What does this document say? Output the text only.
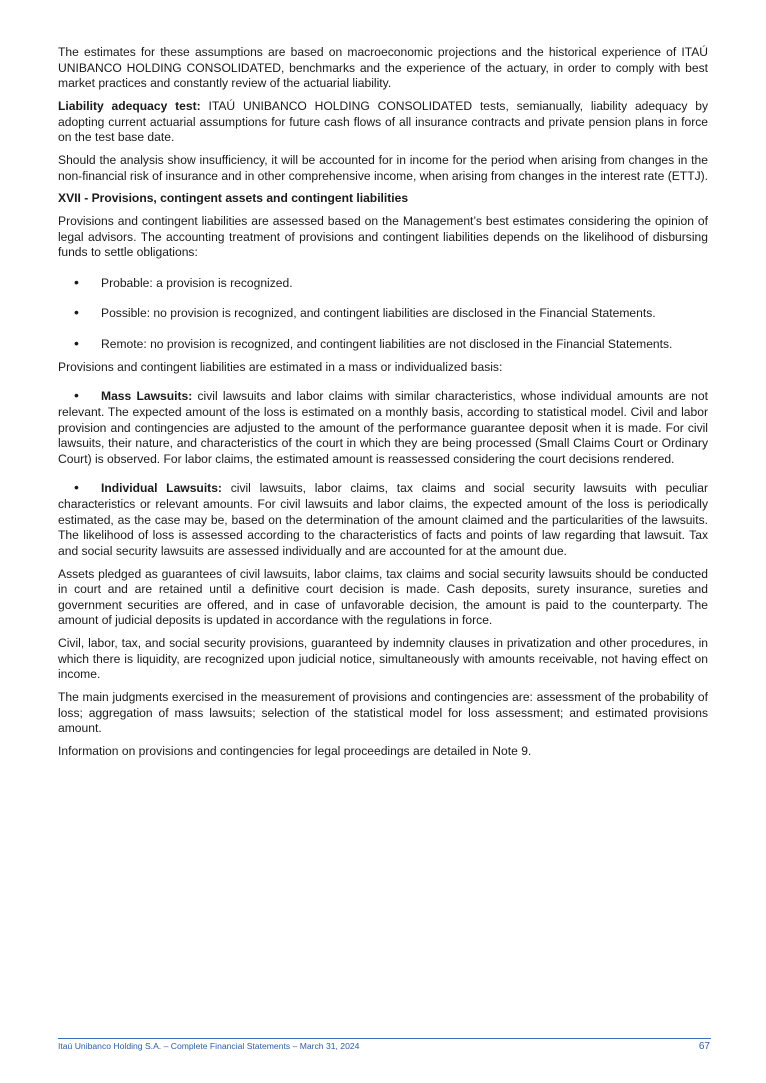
The estimates for these assumptions are based on macroeconomic projections and the historical experience of ITAÚ UNIBANCO HOLDING CONSOLIDATED, benchmarks and the experience of the actuary, in order to comply with best market practices and constantly review of the actuarial liability.

Liability adequacy test: ITAÚ UNIBANCO HOLDING CONSOLIDATED tests, semianually, liability adequacy by adopting current actuarial assumptions for future cash flows of all insurance contracts and private pension plans in force on the test base date.

Should the analysis show insufficiency, it will be accounted for in income for the period when arising from changes in the non-financial risk of insurance and in other comprehensive income, when arising from changes in the interest rate (ETTJ).

XVII - Provisions, contingent assets and contingent liabilities

Provisions and contingent liabilities are assessed based on the Management’s best estimates considering the opinion of legal advisors. The accounting treatment of provisions and contingent liabilities depends on the likelihood of disbursing funds to settle obligations:

• Probable: a provision is recognized.

• Possible: no provision is recognized, and contingent liabilities are disclosed in the Financial Statements.

• Remote: no provision is recognized, and contingent liabilities are not disclosed in the Financial Statements.

Provisions and contingent liabilities are estimated in a mass or individualized basis:

• Mass Lawsuits: civil lawsuits and labor claims with similar characteristics, whose individual amounts are not relevant. The expected amount of the loss is estimated on a monthly basis, according to statistical model. Civil and labor provision and contingencies are adjusted to the amount of the performance guarantee deposit when it is made. For civil lawsuits, their nature, and characteristics of the court in which they are being processed (Small Claims Court or Ordinary Court) is observed. For labor claims, the estimated amount is reassessed considering the court decisions rendered.

• Individual Lawsuits: civil lawsuits, labor claims, tax claims and social security lawsuits with peculiar characteristics or relevant amounts. For civil lawsuits and labor claims, the expected amount of the loss is periodically estimated, as the case may be, based on the determination of the amount claimed and the particularities of the lawsuits. The likelihood of loss is assessed according to the characteristics of facts and points of law regarding that lawsuit. Tax and social security lawsuits are assessed individually and are accounted for at the amount due.

Assets pledged as guarantees of civil lawsuits, labor claims, tax claims and social security lawsuits should be conducted in court and are retained until a definitive court decision is made. Cash deposits, surety insurance, sureties and government securities are offered, and in case of unfavorable decision, the amount is paid to the counterparty. The amount of judicial deposits is updated in accordance with the regulations in force.

Civil, labor, tax, and social security provisions, guaranteed by indemnity clauses in privatization and other procedures, in which there is liquidity, are recognized upon judicial notice, simultaneously with amounts receivable, not having effect on income.

The main judgments exercised in the measurement of provisions and contingencies are: assessment of the probability of loss; aggregation of mass lawsuits; selection of the statistical model for loss assessment; and estimated provisions amount.

Information on provisions and contingencies for legal proceedings are detailed in Note 9.

Itaú Unibanco Holding S.A. – Complete Financial Statements – March 31, 2024	67
